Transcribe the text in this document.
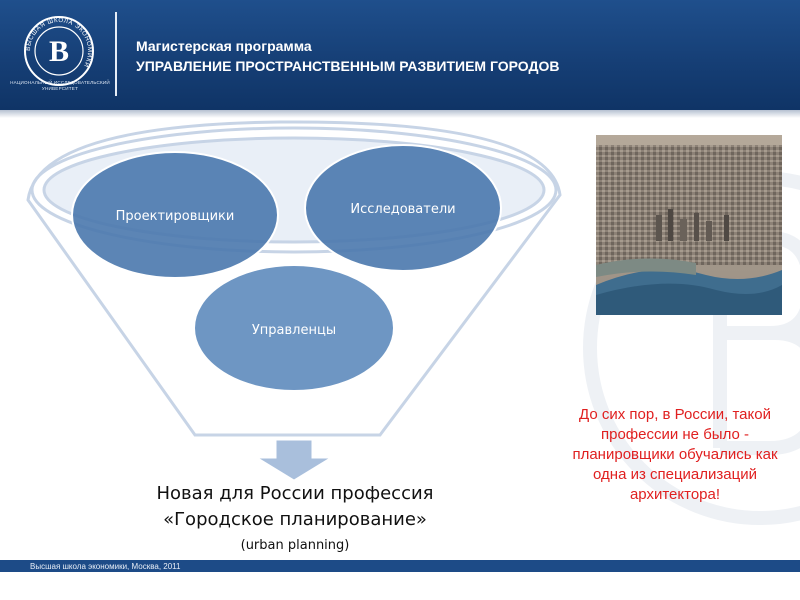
ВЫСШАЯ ШКОЛА ЭКОНОМИКИ
В
НАЦИОНАЛЬНЫЙ ИССЛЕДОВАТЕЛЬСКИЙ УНИВЕРСИТЕТ
Магистерская программа
УПРАВЛЕНИЕ ПРОСТРАНСТВЕННЫМ РАЗВИТИЕМ ГОРОДОВ
Проектировщики	Исследователи
Управленцы
Новая для России профессия
«Городское планирование»
(urban planning)
До сих пор, в России, такой профессии не было - планировщики обучались как одна из специализаций архитектора!
Высшая школа экономики, Москва, 2011
